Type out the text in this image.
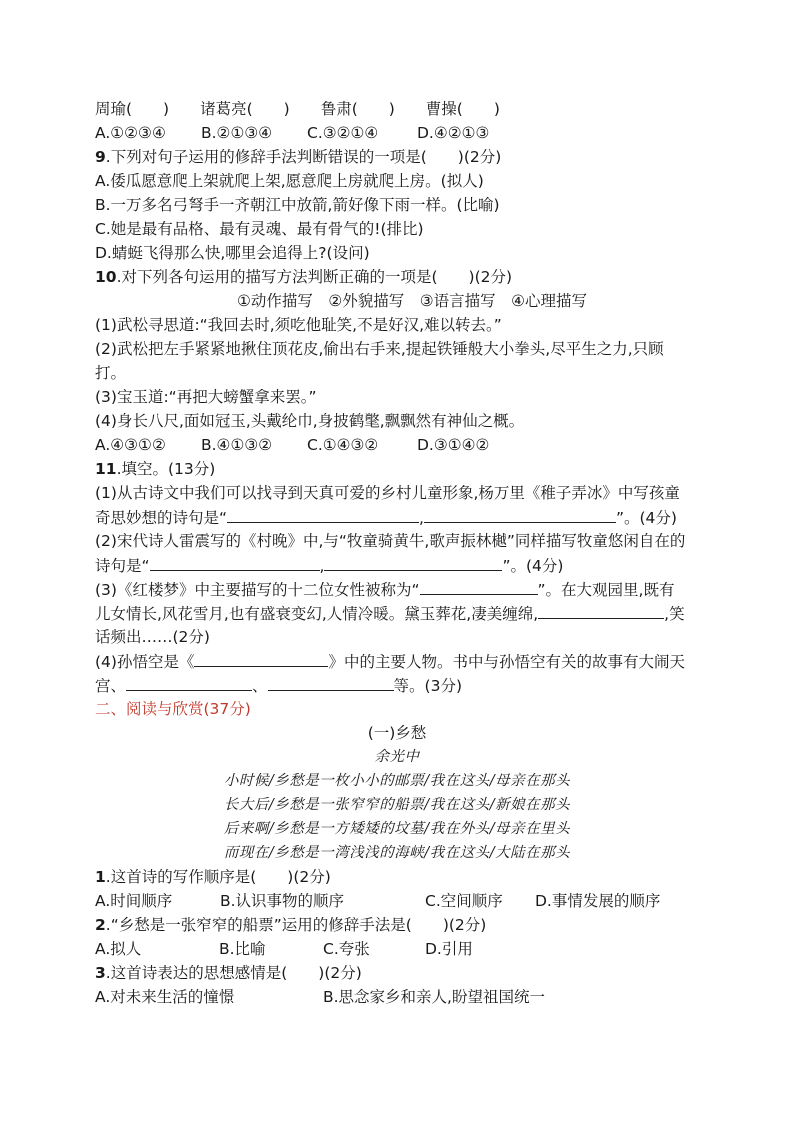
周瑜(　　)　　诸葛亮(　　)　　鲁肃(　　)　　曹操(　　)
A.①②③④ B.②①③④ C.③②①④ D.④②①③
9.下列对句子运用的修辞手法判断错误的一项是(　　)(2分)
A.倭瓜愿意爬上架就爬上架,愿意爬上房就爬上房。(拟人)
B.一万多名弓弩手一齐朝江中放箭,箭好像下雨一样。(比喻)
C.她是最有品格、最有灵魂、最有骨气的!(排比)
D.蜻蜓飞得那么快,哪里会追得上?(设问)
10.对下列各句运用的描写方法判断正确的一项是(　　)(2分)
①动作描写　②外貌描写　③语言描写　④心理描写
(1)武松寻思道:“我回去时,须吃他耻笑,不是好汉,难以转去。”
(2)武松把左手紧紧地揪住顶花皮,偷出右手来,提起铁锤般大小拳头,尽平生之力,只顾
打。
(3)宝玉道:“再把大螃蟹拿来罢。”
(4)身长八尺,面如冠玉,头戴纶巾,身披鹤氅,飘飘然有神仙之概。
A.④③①② B.④①③② C.①④③② D.③①④②
11.填空。(13分)
(1)从古诗文中我们可以找寻到天真可爱的乡村儿童形象,杨万里《稚子弄冰》中写孩童
奇思妙想的诗句是“	,	”。(4分)
(2)宋代诗人雷震写的《村晚》中,与“牧童骑黄牛,歌声振林樾”同样描写牧童悠闲自在的
诗句是“	,	”。(4分)
(3)《红楼梦》中主要描写的十二位女性被称为“	”。在大观园里,既有
儿女情长,风花雪月,也有盛衰变幻,人情冷暖。黛玉葬花,凄美缠绵,	,笑
话频出……(2分)
(4)孙悟空是《	》中的主要人物。书中与孙悟空有关的故事有大闹天
宫、	、	等。(3分)
二、阅读与欣赏(37分)
(一)乡愁
余光中
小时候/乡愁是一枚小小的邮票/我在这头/母亲在那头
长大后/乡愁是一张窄窄的船票/我在这头/新娘在那头
后来啊/乡愁是一方矮矮的坟墓/我在外头/母亲在里头
而现在/乡愁是一湾浅浅的海峡/我在这头/大陆在那头
1.这首诗的写作顺序是(　　)(2分)
A.时间顺序	B.认识事物的顺序	C.空间顺序 D.事情发展的顺序
2.“乡愁是一张窄窄的船票”运用的修辞手法是(　　)(2分)
A.拟人	B.比喻	C.夸张	D.引用
3.这首诗表达的思想感情是(　　)(2分)
A.对未来生活的憧憬	B.思念家乡和亲人,盼望祖国统一
